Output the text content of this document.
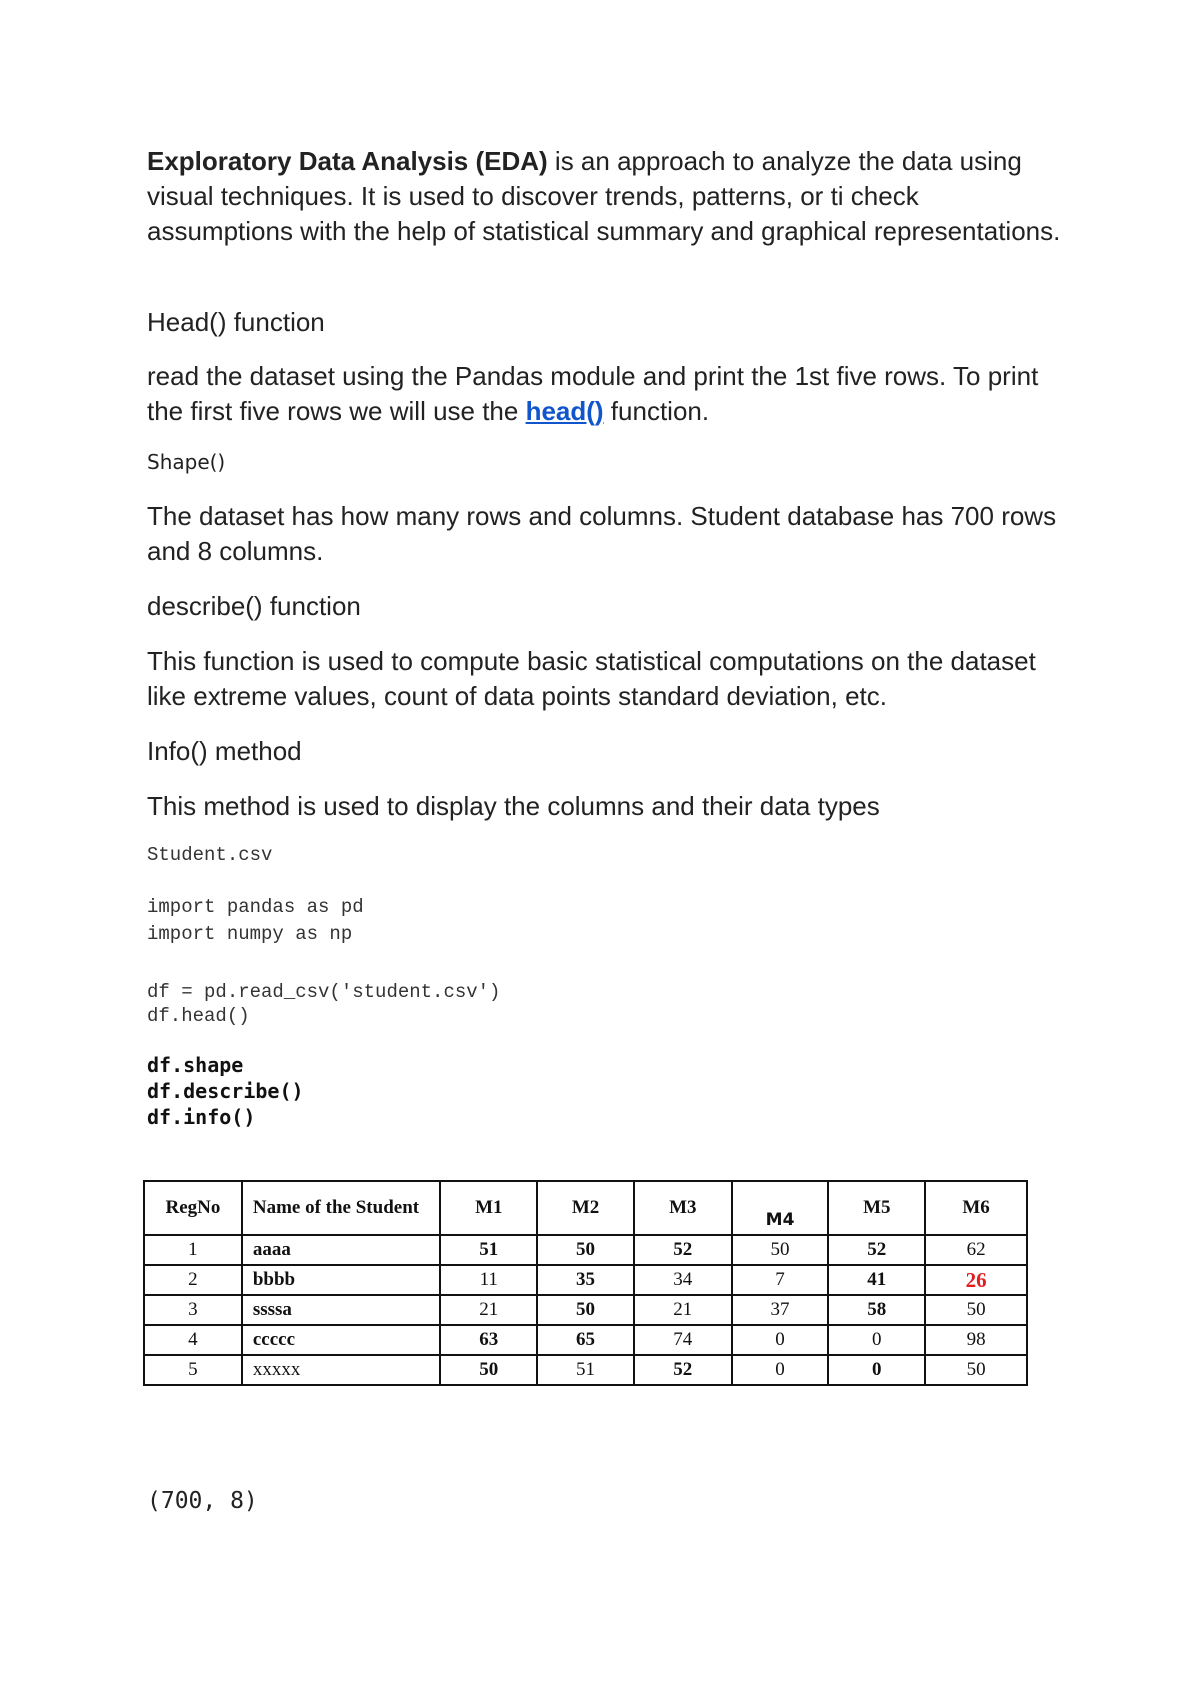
Exploratory Data Analysis (EDA) is an approach to analyze the data using visual techniques. It is used to discover trends, patterns, or ti check assumptions with the help of statistical summary and graphical representations.

Head() function

read the dataset using the Pandas module and print the 1st five rows. To print the first five rows we will use the head() function.

Shape()

The dataset has how many rows and columns. Student database has 700 rows and 8 columns.

describe() function

This function is used to compute basic statistical computations on the dataset like extreme values, count of data points standard deviation, etc.

Info() method

This method is used to display the columns and their data types

Student.csv
import pandas as pd
import numpy as np
df = pd.read_csv('student.csv')
df.head()
df.shape
df.describe()
df.info()
RegNo	Name of the Student	M1	M2	M3	M4	M5	M6
1	aaaa	51	50	52	50	52	62
2	bbbb	11	35	34	7	41	26
3	ssssa	21	50	21	37	58	50
4	ccccc	63	65	74	0	0	98
5	xxxxx	50	51	52	0	0	50

(700, 8)
